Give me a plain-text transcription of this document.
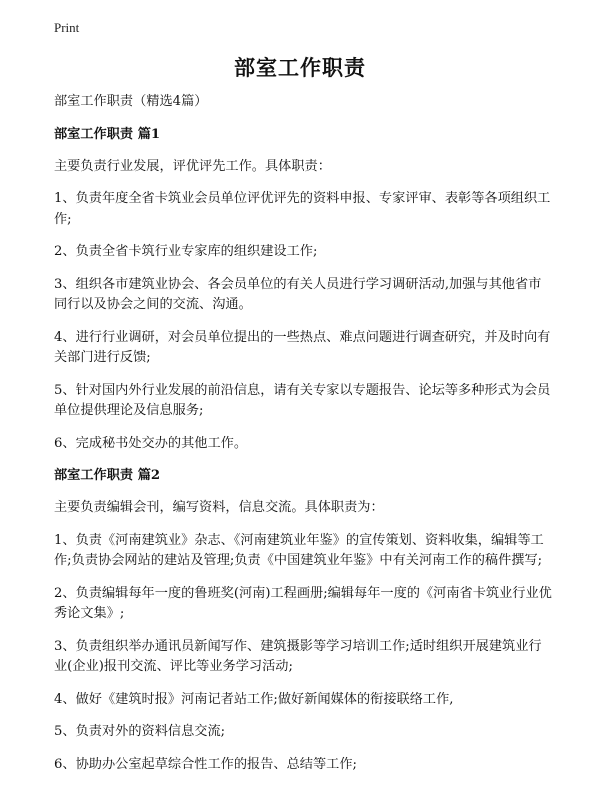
Print
部室工作职责

部室工作职责（精选4篇）

部室工作职责 篇1

主要负责行业发展，评优评先工作。具体职责：

1、负责年度全省卡筑业会员单位评优评先的资料申报、专家评审、表彰等各项组织工作;

2、负责全省卡筑行业专家库的组织建设工作;

3、组织各市建筑业协会、各会员单位的有关人员进行学习调研活动,加强与其他省市同行以及协会之间的交流、沟通。

4、进行行业调研，对会员单位提出的一些热点、难点问题进行调查研究，并及时向有关部门进行反馈;

5、针对国内外行业发展的前沿信息，请有关专家以专题报告、论坛等多种形式为会员单位提供理论及信息服务;

6、完成秘书处交办的其他工作。

部室工作职责 篇2

主要负责编辑会刊，编写资料，信息交流。具体职责为：

1、负责《河南建筑业》杂志、《河南建筑业年鉴》的宣传策划、资料收集，编辑等工作;负责协会网站的建站及管理;负责《中国建筑业年鉴》中有关河南工作的稿件撰写;

2、负责编辑每年一度的鲁班奖(河南)工程画册;编辑每年一度的《河南省卡筑业行业优秀论文集》;

3、负责组织举办通讯员新闻写作、建筑摄影等学习培训工作;适时组织开展建筑业行业(企业)报刊交流、评比等业务学习活动;

4、做好《建筑时报》河南记者站工作;做好新闻媒体的衔接联络工作,

5、负责对外的资料信息交流;

6、协助办公室起草综合性工作的报告、总结等工作;
